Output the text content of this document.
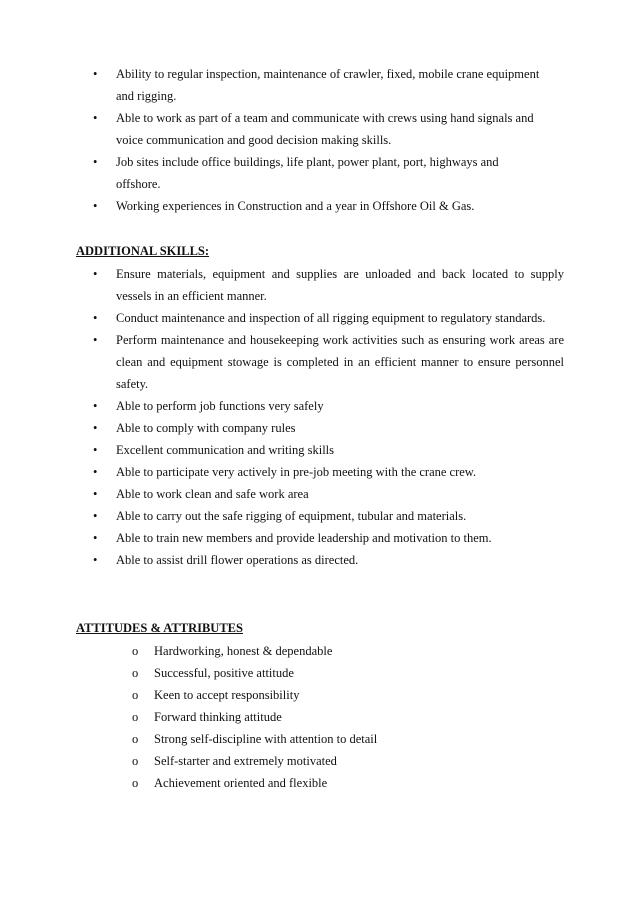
• Ability to regular inspection, maintenance of crawler, fixed, mobile crane equipment and rigging.
• Able to work as part of a team and communicate with crews using hand signals and voice communication and good decision making skills.
• Job sites include office buildings, life plant, power plant, port, highways and offshore.
• Working experiences in Construction and a year in Offshore Oil & Gas.
ADDITIONAL SKILLS:
• Ensure materials, equipment and supplies are unloaded and back located to supply vessels in an efficient manner.
• Conduct maintenance and inspection of all rigging equipment to regulatory standards.
• Perform maintenance and housekeeping work activities such as ensuring work areas are clean and equipment stowage is completed in an efficient manner to ensure personnel safety.
• Able to perform job functions very safely
• Able to comply with company rules
• Excellent communication and writing skills
• Able to participate very actively in pre-job meeting with the crane crew.
• Able to work clean and safe work area
• Able to carry out the safe rigging of equipment, tubular and materials.
• Able to train new members and provide leadership and motivation to them.
• Able to assist drill flower operations as directed.
ATTITUDES & ATTRIBUTES
o Hardworking, honest & dependable
o Successful, positive attitude
o Keen to accept responsibility
o Forward thinking attitude
o Strong self-discipline with attention to detail
o Self-starter and extremely motivated
o Achievement oriented and flexible
